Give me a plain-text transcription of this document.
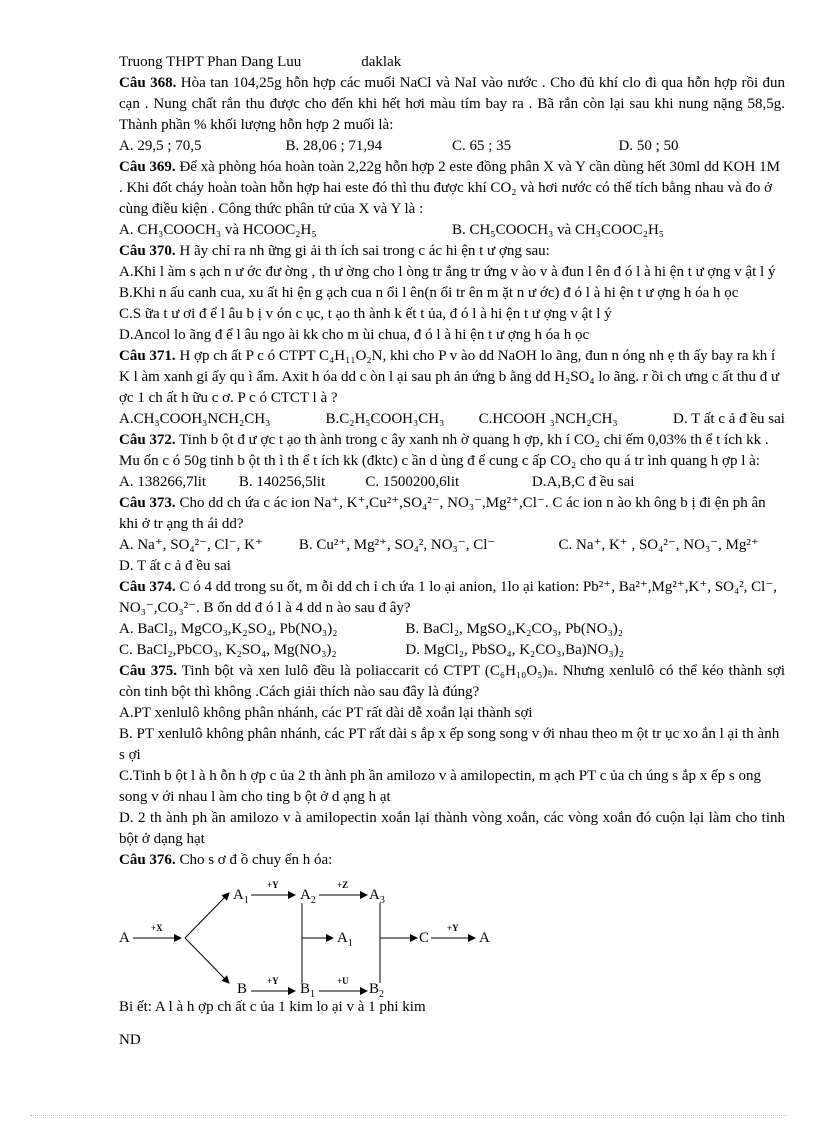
Truong THPT Phan Dang Luu	daklak
Câu 368. Hòa tan 104,25g hỗn hợp các muối NaCl và NaI vào nước . Cho đủ khí clo đi qua hỗn hợp rồi đun cạn . Nung chất rắn thu được cho đến khi hết hơi màu tím bay ra . Bã rắn còn lại sau khi nung nặng 58,5g. Thành phần % khối lượng hỗn hợp 2 muối là:
A. 29,5 ; 70,5	B. 28,06 ; 71,94	C. 65 ; 35	D. 50 ; 50
Câu 369. Để xà phòng hóa hoàn toàn 2,22g hỗn hợp 2 este đồng phân X và Y cần dùng hết 30ml dd KOH 1M . Khi đốt cháy hoàn toàn hỗn hợp hai este đó thì thu được khí CO₂ và hơi nước có thể tích bằng nhau và đo ở cùng điều kiện . Công thức phân tử của X và Y là :
A. CH₃COOCH₃ và HCOOC₂H₅	B. CH₅COOCH₃ và CH₃COOC₂H₅
Câu 370. H ãy chỉ ra nh ững gi ải th ích sai trong c ác hi ện t ư ợng sau:
A.Khi l àm s ạch n ư ớc đư ờng , th ư ờng cho l òng tr ắng tr ứng v ào v à đun l ên đ ó l à hi ện t ư ợng v ật l ý
B.Khi n ấu canh cua, xu ất hi ện g ạch cua n ổi l ên(n ổi tr ên m ặt n ư ớc) đ ó l à hi ện t ư ợng h óa h ọc
C.S ữa t ư ơi đ ể l âu b ị v ón c ục, t ạo th ành k ết t ủa, đ ó l à hi ện t ư ợng v ật l ý
D.Ancol lo ãng đ ể l âu ngo ài kk cho m ùi chua, đ ó l à hi ện t ư ợng h óa h ọc
Câu 371. H ợp ch ất P c ó CTPT C₄H₁₁O₂N, khi cho P v ào dd NaOH lo ãng, đun n óng nh ẹ th ấy bay ra kh í K l àm xanh gi ấy qu ì ẩm. Axit h óa dd c òn l ại sau ph ản ứng b ằng dd H₂SO₄ lo ãng. r ồi ch ưng c ất thu đ ư ợc 1 ch ất h ữu c ơ. P c ó CTCT l à ?
A.CH₃COOH₃NCH₂CH₃	B.C₂H₅COOH₃CH₃	C.HCOOH ₃NCH₂CH₃	D. T ất c ả đ ều sai
Câu 372. Tinh b ột đ ư ợc t ạo th ành trong c ây xanh nh ờ quang h ợp, kh í CO₂ chi ếm 0,03% th ể t ích kk . Mu ốn c ó 50g tinh b ột th ì th ể t ích kk (đktc) c ần d ùng đ ể cung c ấp CO₂ cho qu á tr ình quang h ợp l à:
A. 138266,7lit	B. 140256,5lit	C. 1500200,6lit	D.A,B,C đ ều sai
Câu 373. Cho dd ch ứa c ác ion Na⁺, K⁺,Cu²⁺,SO₄²⁻, NO₃⁻,Mg²⁺,Cl⁻. C ác ion n ào kh ông b ị đi ện ph ân khi ở tr ạng th ái dd?
A. Na⁺, SO₄²⁻, Cl⁻, K⁺	B. Cu²⁺, Mg²⁺, SO₄², NO₃⁻, Cl⁻	C. Na⁺, K⁺ , SO₄²⁻, NO₃⁻, Mg²⁺
D. T ất c ả đ ều sai
Câu 374. C ó 4 dd trong su ốt, m ỗi dd ch ỉ ch ứa 1 lo ại anion, 1lo ại kation: Pb²⁺, Ba²⁺,Mg²⁺,K⁺, SO₄², Cl⁻, NO₃⁻,CO₃²⁻. B ốn dd đ ó l à 4 dd n ào sau đ ây?
A. BaCl₂, MgCO₃,K₂SO₄, Pb(NO₃)₂	B. BaCl₂, MgSO₄,K₂CO₃, Pb(NO₃)₂
C. BaCl₂,PbCO₃, K₂SO₄, Mg(NO₃)₂	D. MgCl₂, PbSO₄, K₂CO₃,Ba)NO₃)₂
Câu 375. Tinh bột và xen lulô đều là poliaccarit có CTPT (C₆H₁₀O₅)ₙ. Nhưng xenlulô có thể kéo thành sợi còn tinh bột thì không .Cách giải thích nào sau đây là đúng?
A.PT xenlulô không phân nhánh, các PT rất dài dễ xoắn lại thành sợi
B. PT xenlulô không phân nhánh, các PT rất dài s ắp x ếp song song v ới nhau theo m ột tr ục xo ắn l ại th ành s ợi
C.Tinh b ột l à h ỗn h ợp c ủa 2 th ành ph ần amilozo v à amilopectin, m ạch PT c ủa ch úng s ắp x ếp s ong song v ới nhau l àm cho ting b ột ở d ạng h ạt
D. 2 th ành ph ần amilozo v à amilopectin xoắn lại thành vòng xoắn, các vòng xoắn đó cuộn lại làm cho tinh bột ở dạng hạt
Câu 376. Cho s ơ đ ồ chuy ển h óa:
A
$A_1$	$A_2$	$A_3$
$A_1$	C	A
B	$B_1$	$B_2$
+X
+Y	+Z
+Y	+U
+Y
Bi ết: A l à h ợp ch ất c ủa 1 kim lo ại v à 1 phi kim
ND
